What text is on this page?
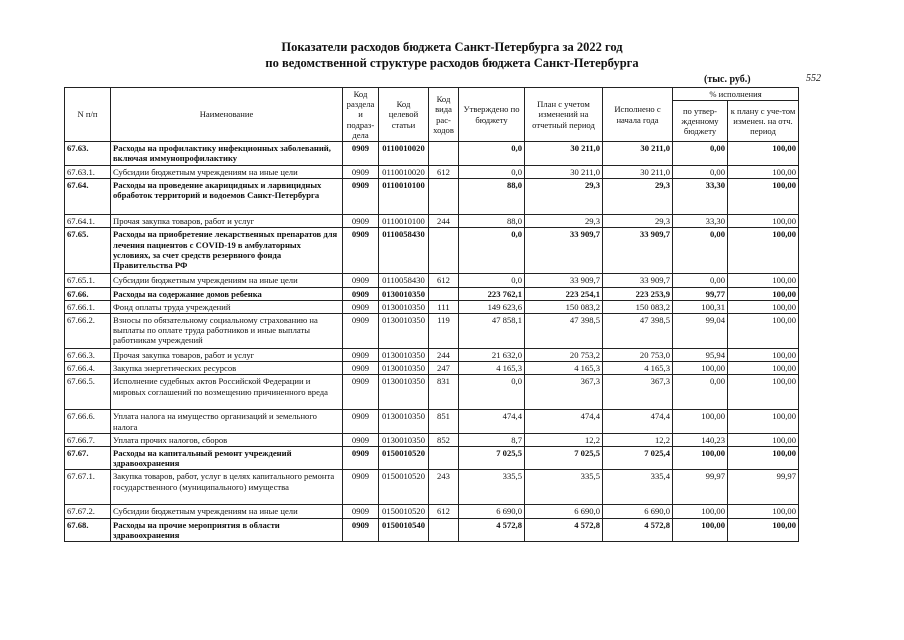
Показатели расходов бюджета Санкт-Петербурга за 2022 год
по ведомственной структуре расходов бюджета Санкт-Петербурга
(тыс. руб.)	552
N п/п	Наименование	Код раздела и подраз-дела	Код целевой статьи	Код вида рас-ходов	Утверждено по бюджету	План с учетом изменений на отчетный период	Исполнено с начала года	% исполнения	
								по утвер-жденному бюджету	к плану с уче-том изменен. на отч. период
67.63.	Расходы на профилактику инфекционных заболеваний, включая иммунопрофилактику	0909	0110010020		0,0	30 211,0	30 211,0	0,00	100,00
67.63.1.	Субсидии бюджетным учреждениям на иные цели	0909	0110010020	612	0,0	30 211,0	30 211,0	0,00	100,00
67.64.	Расходы на проведение акарицидных и ларвицидных обработок территорий и водоемов Санкт-Петербурга	0909	0110010100		88,0	29,3	29,3	33,30	100,00
67.64.1.	Прочая закупка товаров, работ и услуг	0909	0110010100	244	88,0	29,3	29,3	33,30	100,00
67.65.	Расходы на приобретение лекарственных препаратов для лечения пациентов с COVID-19 в амбулаторных условиях, за счет средств резервного фонда Правительства РФ	0909	0110058430		0,0	33 909,7	33 909,7	0,00	100,00
67.65.1.	Субсидии бюджетным учреждениям на иные цели	0909	0110058430	612	0,0	33 909,7	33 909,7	0,00	100,00
67.66.	Расходы на содержание домов ребенка	0909	0130010350		223 762,1	223 254,1	223 253,9	99,77	100,00
67.66.1.	Фонд оплаты труда учреждений	0909	0130010350	111	149 623,6	150 083,2	150 083,2	100,31	100,00
67.66.2.	Взносы по обязательному социальному страхованию на выплаты по оплате труда работников и иные выплаты работникам учреждений	0909	0130010350	119	47 858,1	47 398,5	47 398,5	99,04	100,00
67.66.3.	Прочая закупка товаров, работ и услуг	0909	0130010350	244	21 632,0	20 753,2	20 753,0	95,94	100,00
67.66.4.	Закупка энергетических ресурсов	0909	0130010350	247	4 165,3	4 165,3	4 165,3	100,00	100,00
67.66.5.	Исполнение судебных актов Российской Федерации и мировых соглашений по возмещению причиненного вреда	0909	0130010350	831	0,0	367,3	367,3	0,00	100,00
67.66.6.	Уплата налога на имущество организаций и земельного налога	0909	0130010350	851	474,4	474,4	474,4	100,00	100,00
67.66.7.	Уплата прочих налогов, сборов	0909	0130010350	852	8,7	12,2	12,2	140,23	100,00
67.67.	Расходы на капитальный ремонт учреждений здравоохранения	0909	0150010520		7 025,5	7 025,5	7 025,4	100,00	100,00
67.67.1.	Закупка товаров, работ, услуг в целях капитального ремонта государственного (муниципального) имущества	0909	0150010520	243	335,5	335,5	335,4	99,97	99,97
67.67.2.	Субсидии бюджетным учреждениям на иные цели	0909	0150010520	612	6 690,0	6 690,0	6 690,0	100,00	100,00
67.68.	Расходы на прочие мероприятия в области здравоохранения	0909	0150010540		4 572,8	4 572,8	4 572,8	100,00	100,00
